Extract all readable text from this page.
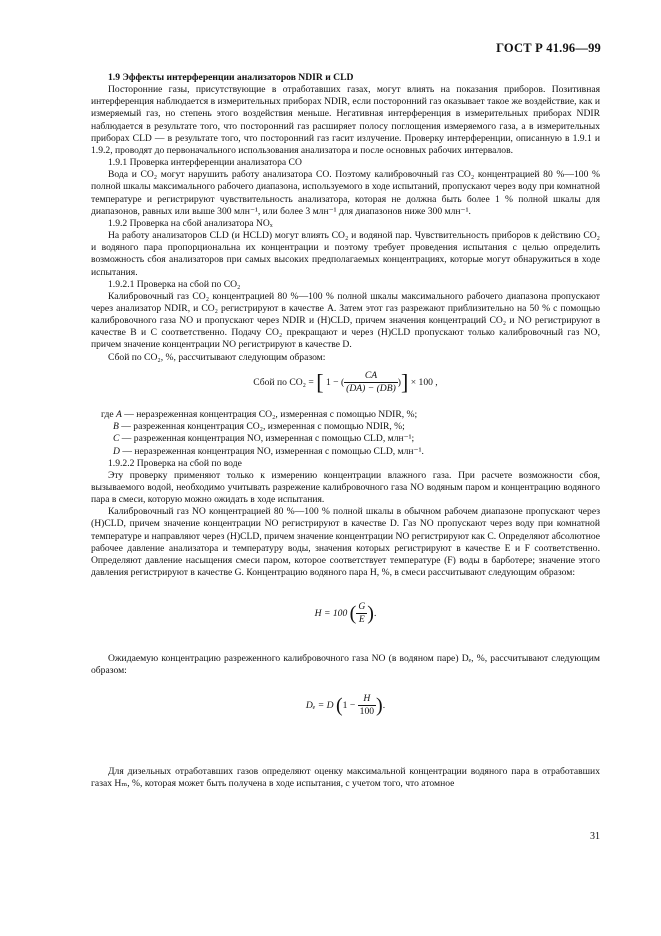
ГОСТ Р 41.96—99

1.9 Эффекты интерференции анализаторов NDIR и CLD

Посторонние газы, присутствующие в отработавших газах, могут влиять на показания приборов. Позитивная интерференция наблюдается в измерительных приборах NDIR, если посторонний газ оказывает такое же воздействие, как и измеряемый газ, но степень этого воздействия меньше. Негативная интерференция в измерительных приборах NDIR наблюдается в результате того, что посторонний газ расширяет полосу поглощения измеряемого газа, а в измерительных приборах CLD — в результате того, что посторонний газ гасит излучение. Проверку интерференции, описанную в 1.9.1 и 1.9.2, проводят до первоначального использования анализатора и после основных рабочих интервалов.

1.9.1 Проверка интерференции анализатора CO

Вода и CO₂ могут нарушить работу анализатора CO. Поэтому калибровочный газ CO₂ концентрацией 80 %—100 % полной шкалы максимального рабочего диапазона, используемого в ходе испытаний, пропускают через воду при комнатной температуре и регистрируют чувствительность анализатора, которая не должна быть более 1 % полной шкалы для диапазонов, равных или выше 300 млн⁻¹, или более 3 млн⁻¹ для диапазонов ниже 300 млн⁻¹.

1.9.2 Проверка на сбой анализатора NOₓ

На работу анализаторов CLD (и HCLD) могут влиять CO₂ и водяной пар. Чувствительность приборов к действию CO₂ и водяного пара пропорциональна их концентрации и поэтому требует проведения испытания с целью определить возможность сбоя анализаторов при самых высоких предполагаемых концентрациях, которые могут обнаружиться в ходе испытания.

1.9.2.1 Проверка на сбой по CO₂

Калибровочный газ CO₂ концентрацией 80 %—100 % полной шкалы максимального рабочего диапазона пропускают через анализатор NDIR, и CO₂ регистрируют в качестве A. Затем этот газ разрежают приблизительно на 50 % с помощью калибровочного газа NO и пропускают через NDIR и (H)CLD, причем значения концентраций CO₂ и NO регистрируют в качестве B и C соответственно. Подачу CO₂ прекращают и через (H)CLD пропускают только калибровочный газ NO, причем значение концентрации NO регистрируют в качестве D.

Сбой по CO₂, %, рассчитывают следующим образом:

Сбой по CO₂ = [ 1 − ( $\frac{CA}{(DA) - (DB)}$ )] × 100 ,

где A — неразреженная концентрация CO₂, измеренная с помощью NDIR, %;

B — разреженная концентрация CO₂, измеренная с помощью NDIR, %;

C — разреженная концентрация NO, измеренная с помощью CLD, млн⁻¹;

D — неразреженная концентрация NO, измеренная с помощью CLD, млн⁻¹.

1.9.2.2 Проверка на сбой по воде

Эту проверку применяют только к измерению концентрации влажного газа. При расчете возможности сбоя, вызываемого водой, необходимо учитывать разрежение калибровочного газа NO водяным паром и концентрацию водяного пара в смеси, которую можно ожидать в ходе испытания.

Калибровочный газ NO концентрацией 80 %—100 % полной шкалы в обычном рабочем диапазоне пропускают через (H)CLD, причем значение концентрации NO регистрируют в качестве D. Газ NO пропускают через воду при комнатной температуре и направляют через (H)CLD, причем значение концентрации NO регистрируют как C. Определяют абсолютное рабочее давление анализатора и температуру воды, значения которых регистрируют в качестве E и F соответственно. Определяют давление насыщения смеси паром, которое соответствует температуре (F) воды в барботере; значение этого давления регистрируют в качестве G. Концентрацию водяного пара H, %, в смеси рассчитывают следующим образом:

H = 100 ( $\frac{G}{E}$ ).

Ожидаемую концентрацию разреженного калибровочного газа NO (в водяном паре) Dₑ, %, рассчитывают следующим образом:

Dₑ = D ($1 - \frac{H}{100}$ ).

Для дизельных отработавших газов определяют оценку максимальной концентрации водяного пара в отработавших газах Hₘ, %, которая может быть получена в ходе испытания, с учетом того, что атомное

31
